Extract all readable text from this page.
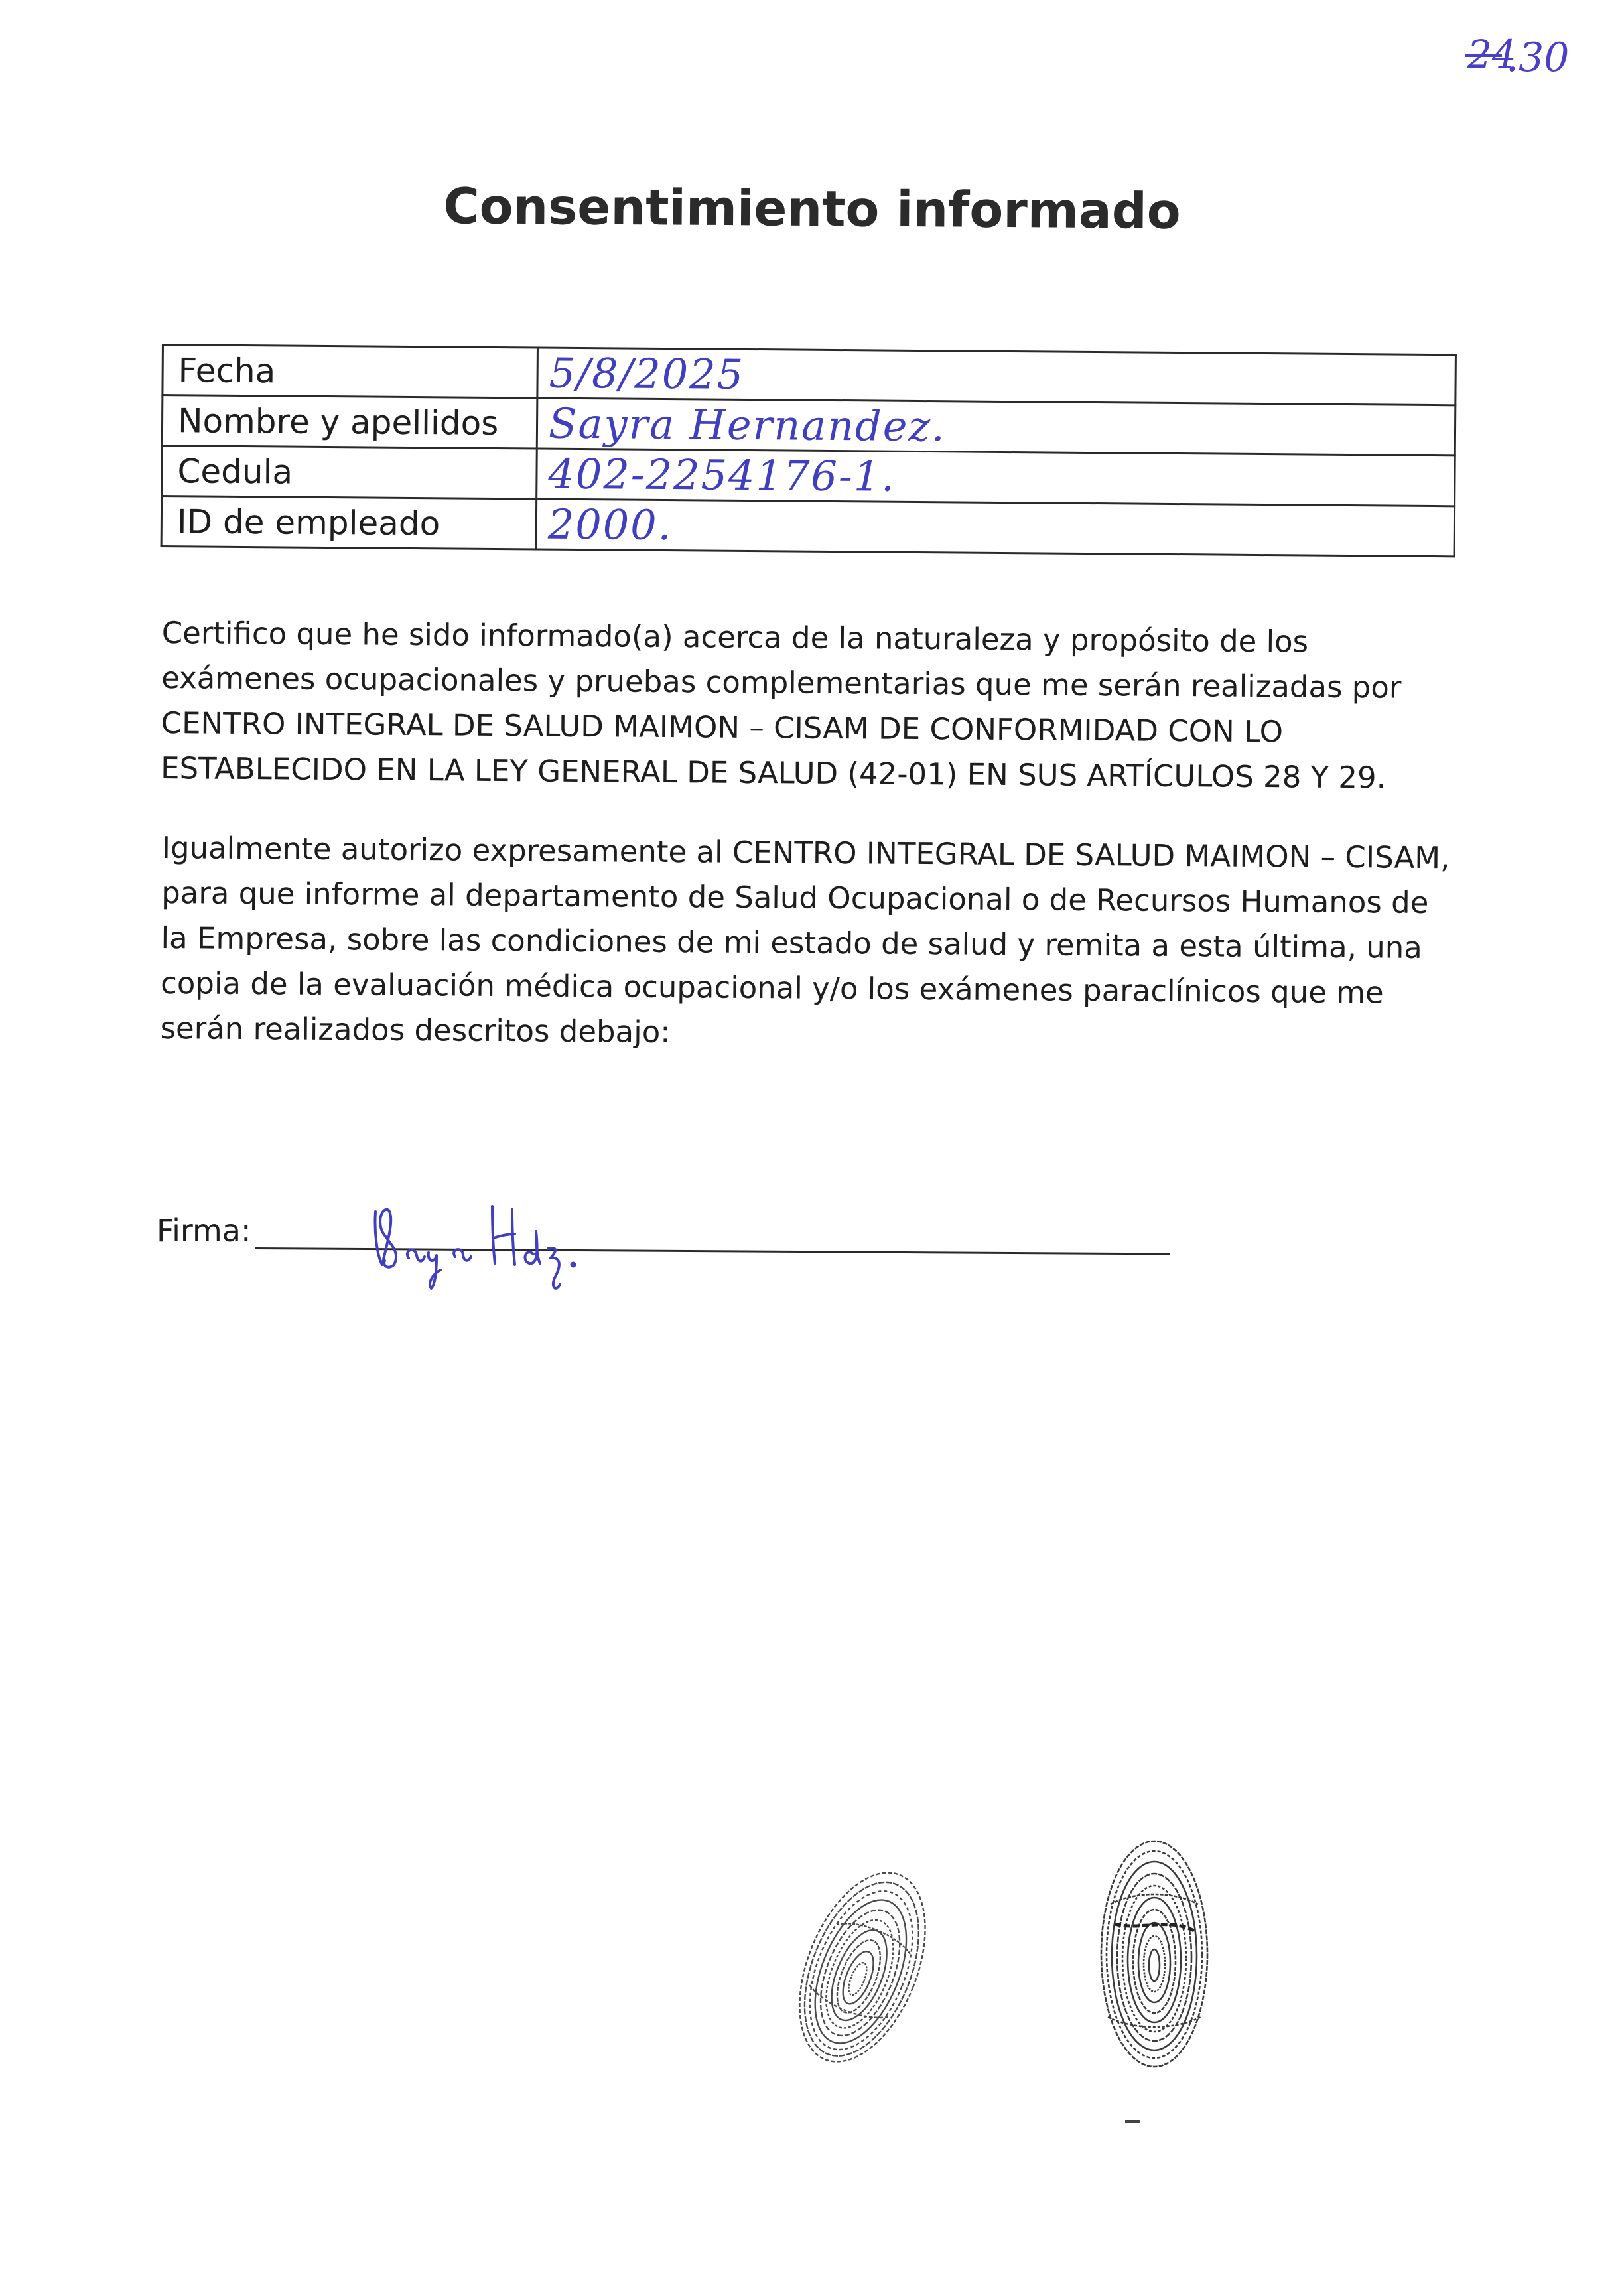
24
.30
Consentimiento informado
Fecha	5/8/2025
Nombre y apellidos	Sayra Hernandez.
Cedula	402-2254176-1.
ID de empleado	2000.

Certifico que he sido informado(a) acerca de la naturaleza y propósito de los exámenes ocupacionales y pruebas complementarias que me serán realizadas por CENTRO INTEGRAL DE SALUD MAIMON – CISAM DE CONFORMIDAD CON LO ESTABLECIDO EN LA LEY GENERAL DE SALUD (42-01) EN SUS ARTÍCULOS 28 Y 29.

Igualmente autorizo expresamente al CENTRO INTEGRAL DE SALUD MAIMON – CISAM, para que informe al departamento de Salud Ocupacional o de Recursos Humanos de la Empresa, sobre las condiciones de mi estado de salud y remita a esta última, una copia de la evaluación médica ocupacional y/o los exámenes paraclínicos que me serán realizados descritos debajo:

Firma:
